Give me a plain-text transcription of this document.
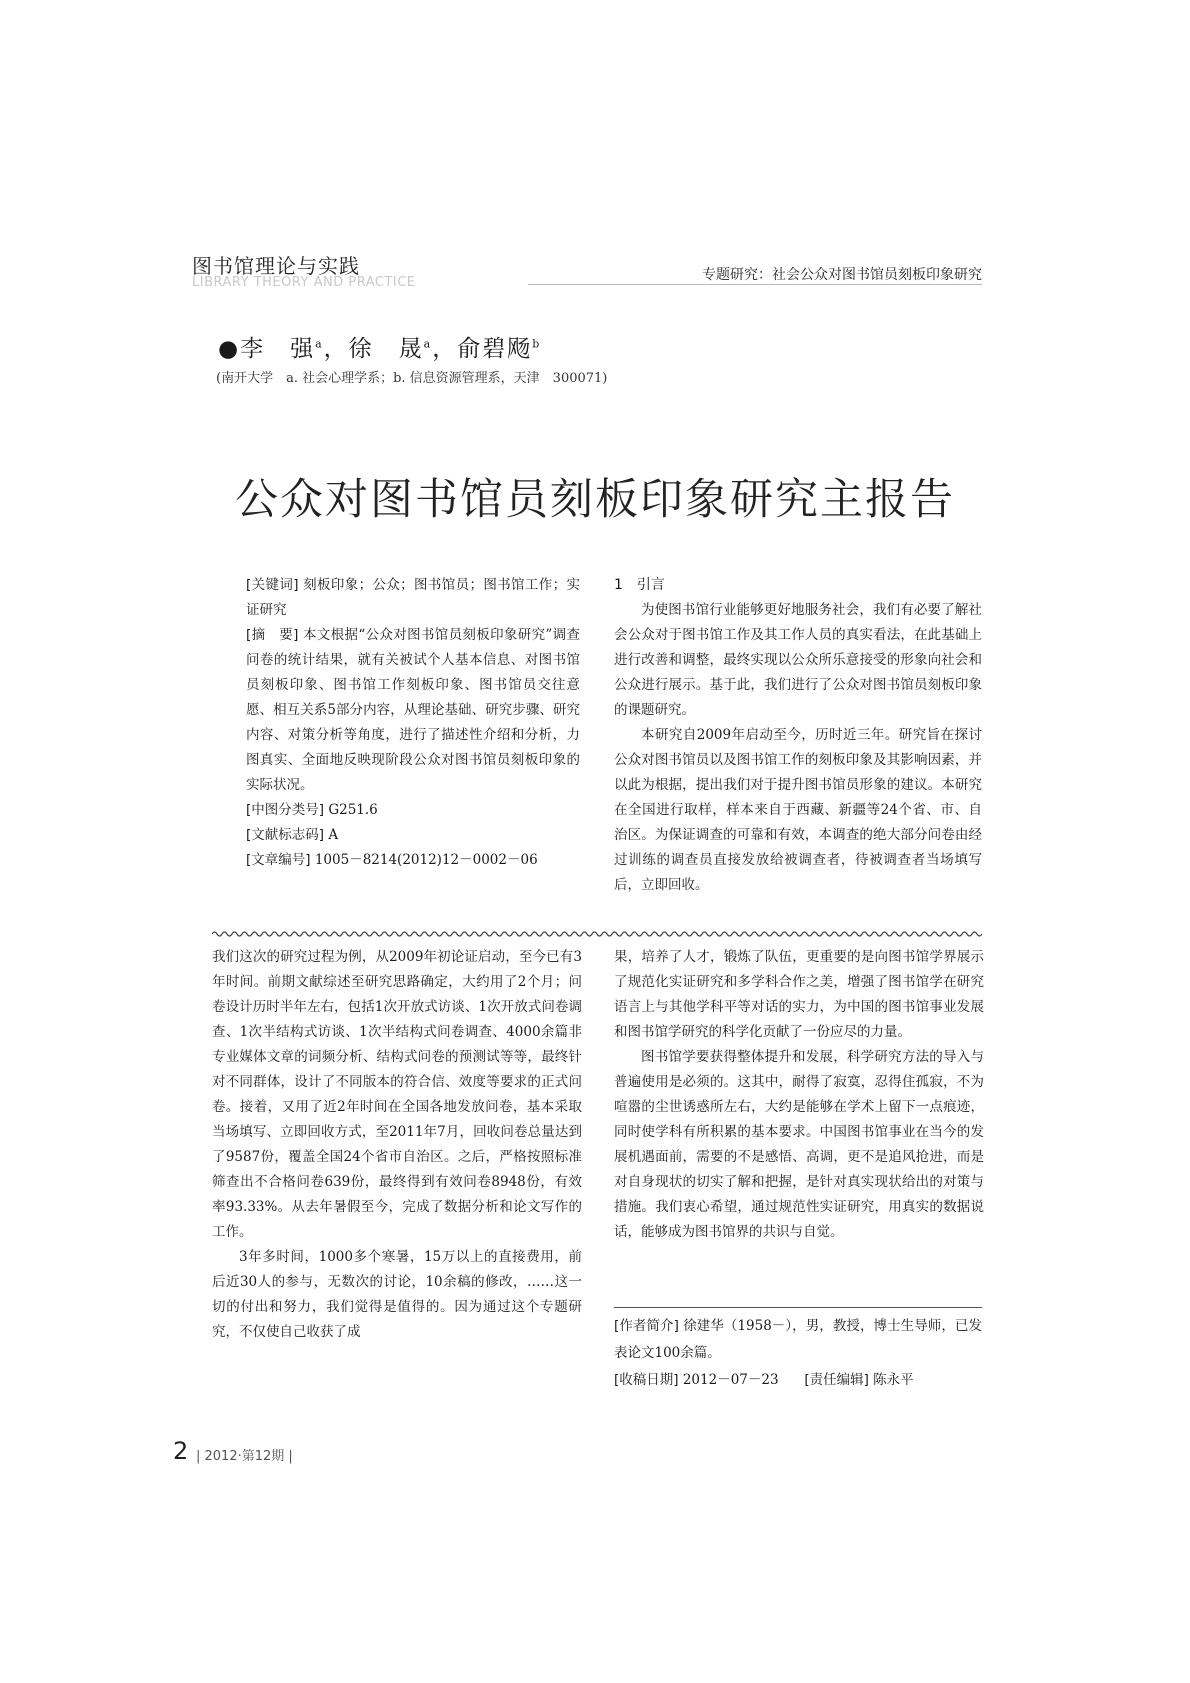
图书馆理论与实践
LIBRARY THEORY AND PRACTICE	专题研究：社会公众对图书馆员刻板印象研究
●李　强$^a$，徐　晟$^a$，俞碧飏$^b$
(南开大学　a. 社会心理学系；b. 信息资源管理系，天津　300071)
公众对图书馆员刻板印象研究主报告

[关键词] 刻板印象；公众；图书馆员；图书馆工作；实证研究

[摘　要] 本文根据“公众对图书馆员刻板印象研究”调查问卷的统计结果，就有关被试个人基本信息、对图书馆员刻板印象、图书馆工作刻板印象、图书馆员交往意愿、相互关系5部分内容，从理论基础、研究步骤、研究内容、对策分析等角度，进行了描述性介绍和分析，力图真实、全面地反映现阶段公众对图书馆员刻板印象的实际状况。

[中图分类号] G251.6

[文献标志码] A

[文章编号] 1005－8214(2012)12－0002－06

1　引言

为使图书馆行业能够更好地服务社会，我们有必要了解社会公众对于图书馆工作及其工作人员的真实看法，在此基础上进行改善和调整，最终实现以公众所乐意接受的形象向社会和公众进行展示。基于此，我们进行了公众对图书馆员刻板印象的课题研究。

本研究自2009年启动至今，历时近三年。研究旨在探讨公众对图书馆员以及图书馆工作的刻板印象及其影响因素，并以此为根据，提出我们对于提升图书馆员形象的建议。本研究在全国进行取样，样本来自于西藏、新疆等24个省、市、自治区。为保证调查的可靠和有效，本调查的绝大部分问卷由经过训练的调查员直接发放给被调查者，待被调查者当场填写后，立即回收。

我们这次的研究过程为例，从2009年初论证启动，至今已有3年时间。前期文献综述至研究思路确定，大约用了2个月；问卷设计历时半年左右，包括1次开放式访谈、1次开放式问卷调查、1次半结构式访谈、1次半结构式问卷调查、4000余篇非专业媒体文章的词频分析、结构式问卷的预测试等等，最终针对不同群体，设计了不同版本的符合信、效度等要求的正式问卷。接着，又用了近2年时间在全国各地发放问卷，基本采取当场填写、立即回收方式，至2011年7月，回收问卷总量达到了9587份，覆盖全国24个省市自治区。之后，严格按照标准筛查出不合格问卷639份，最终得到有效问卷8948份，有效率93.33%。从去年暑假至今，完成了数据分析和论文写作的工作。

3年多时间，1000多个寒暑，15万以上的直接费用，前后近30人的参与，无数次的讨论，10余稿的修改，……这一切的付出和努力，我们觉得是值得的。因为通过这个专题研究，不仅使自己收获了成

果，培养了人才，锻炼了队伍，更重要的是向图书馆学界展示了规范化实证研究和多学科合作之美，增强了图书馆学在研究语言上与其他学科平等对话的实力，为中国的图书馆事业发展和图书馆学研究的科学化贡献了一份应尽的力量。

图书馆学要获得整体提升和发展，科学研究方法的导入与普遍使用是必须的。这其中，耐得了寂寞，忍得住孤寂，不为喧嚣的尘世诱惑所左右，大约是能够在学术上留下一点痕迹，同时使学科有所积累的基本要求。中国图书馆事业在当今的发展机遇面前，需要的不是感悟、高调，更不是追风抢进，而是对自身现状的切实了解和把握，是针对真实现状给出的对策与措施。我们衷心希望，通过规范性实证研究，用真实的数据说话，能够成为图书馆界的共识与自觉。

[作者简介] 徐建华（1958－），男，教授，博士生导师，已发表论文100余篇。

[收稿日期] 2012－07－23 [责任编辑] 陈永平

2 | 2012·第12期 |
